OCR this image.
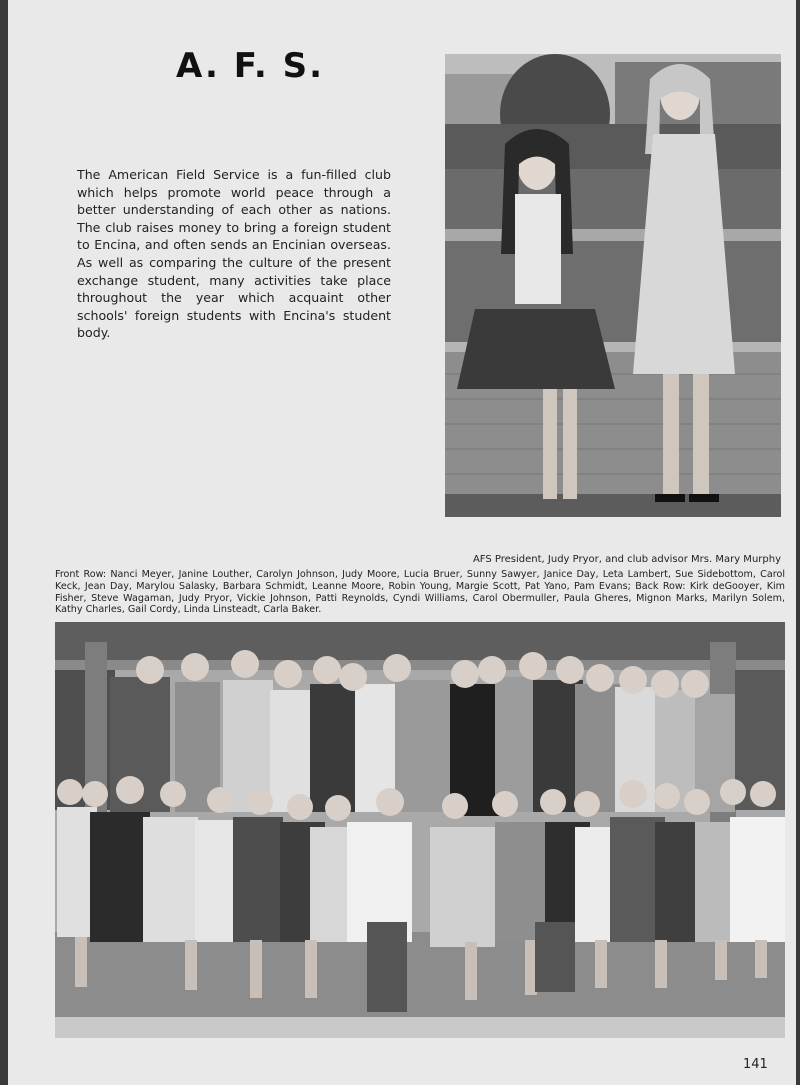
A. F. S.
The American Field Service is a fun-filled club which helps promote world peace through a better understanding of each other as nations. The club raises money to bring a foreign student to Encina, and often sends an Encinian overseas. As well as comparing the culture of the present exchange student, many activities take place throughout the year which acquaint other schools' foreign students with Encina's student body.
AFS President, Judy Pryor, and club advisor Mrs. Mary Murphy
Front Row: Nanci Meyer, Janine Louther, Carolyn Johnson, Judy Moore, Lucia Bruer, Sunny Sawyer, Janice Day, Leta Lambert, Sue Sidebottom, Carol Keck, Jean Day, Marylou Salasky, Barbara Schmidt, Leanne Moore, Robin Young, Margie Scott, Pat Yano, Pam Evans; Back Row: Kirk deGooyer, Kim Fisher, Steve Wagaman, Judy Pryor, Vickie Johnson, Patti Reynolds, Cyndi Williams, Carol Obermuller, Paula Gheres, Mignon Marks, Marilyn Solem, Kathy Charles, Gail Cordy, Linda Linsteadt, Carla Baker.
141
